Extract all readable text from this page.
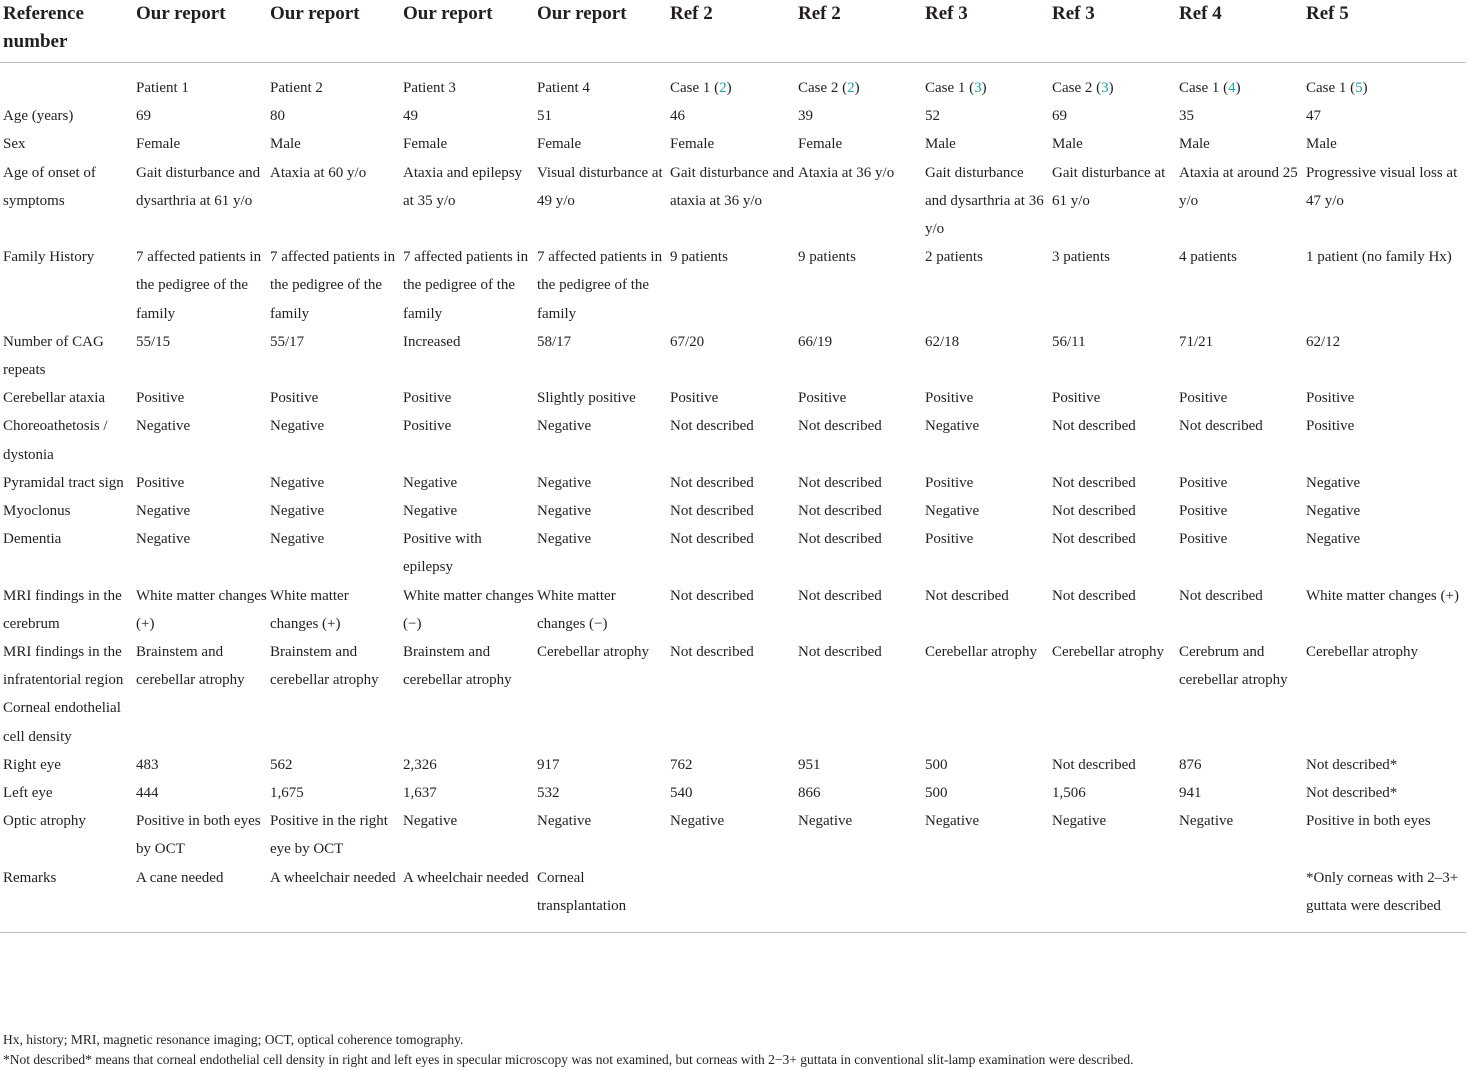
Reference number	Our report	Our report	Our report	Our report	Ref 2	Ref 2	Ref 3	Ref 3	Ref 4	Ref 5
	Patient 1	Patient 2	Patient 3	Patient 4	Case 1 (2)	Case 2 (2)	Case 1 (3)	Case 2 (3)	Case 1 (4)	Case 1 (5)
Age (years)	69	80	49	51	46	39	52	69	35	47
Sex	Female	Male	Female	Female	Female	Female	Male	Male	Male	Male
Age of onset of symptoms	Gait disturbance and dysarthria at 61 y/o	Ataxia at 60 y/o	Ataxia and epilepsy at 35 y/o	Visual disturbance at 49 y/o	Gait disturbance and ataxia at 36 y/o	Ataxia at 36 y/o	Gait disturbance and dysarthria at 36 y/o	Gait disturbance at 61 y/o	Ataxia at around 25 y/o	Progressive visual loss at 47 y/o
Family History	7 affected patients in the pedigree of the family	7 affected patients in the pedigree of the family	7 affected patients in the pedigree of the family	7 affected patients in the pedigree of the family	9 patients	9 patients	2 patients	3 patients	4 patients	1 patient (no family Hx)
Number of CAG repeats	55/15	55/17	Increased	58/17	67/20	66/19	62/18	56/11	71/21	62/12
Cerebellar ataxia	Positive	Positive	Positive	Slightly positive	Positive	Positive	Positive	Positive	Positive	Positive
Choreoathetosis / dystonia	Negative	Negative	Positive	Negative	Not described	Not described	Negative	Not described	Not described	Positive
Pyramidal tract sign	Positive	Negative	Negative	Negative	Not described	Not described	Positive	Not described	Positive	Negative
Myoclonus	Negative	Negative	Negative	Negative	Not described	Not described	Negative	Not described	Positive	Negative
Dementia	Negative	Negative	Positive with epilepsy	Negative	Not described	Not described	Positive	Not described	Positive	Negative
MRI findings in the cerebrum	White matter changes (+)	White matter changes (+)	White matter changes (−)	White matter changes (−)	Not described	Not described	Not described	Not described	Not described	White matter changes (+)
MRI findings in the infratentorial region	Brainstem and cerebellar atrophy	Brainstem and cerebellar atrophy	Brainstem and cerebellar atrophy	Cerebellar atrophy	Not described	Not described	Cerebellar atrophy	Cerebellar atrophy	Cerebrum and cerebellar atrophy	Cerebellar atrophy
Corneal endothelial cell density										
Right eye	483	562	2,326	917	762	951	500	Not described	876	Not described*
Left eye	444	1,675	1,637	532	540	866	500	1,506	941	Not described*
Optic atrophy	Positive in both eyes by OCT	Positive in the right eye by OCT	Negative	Negative	Negative	Negative	Negative	Negative	Negative	Positive in both eyes
Remarks	A cane needed	A wheelchair needed	A wheelchair needed	Corneal transplantation						*Only corneas with 2–3+ guttata were described

Hx, history; MRI, magnetic resonance imaging; OCT, optical coherence tomography.

*Not described* means that corneal endothelial cell density in right and left eyes in specular microscopy was not examined, but corneas with 2−3+ guttata in conventional slit-lamp examination were described.
